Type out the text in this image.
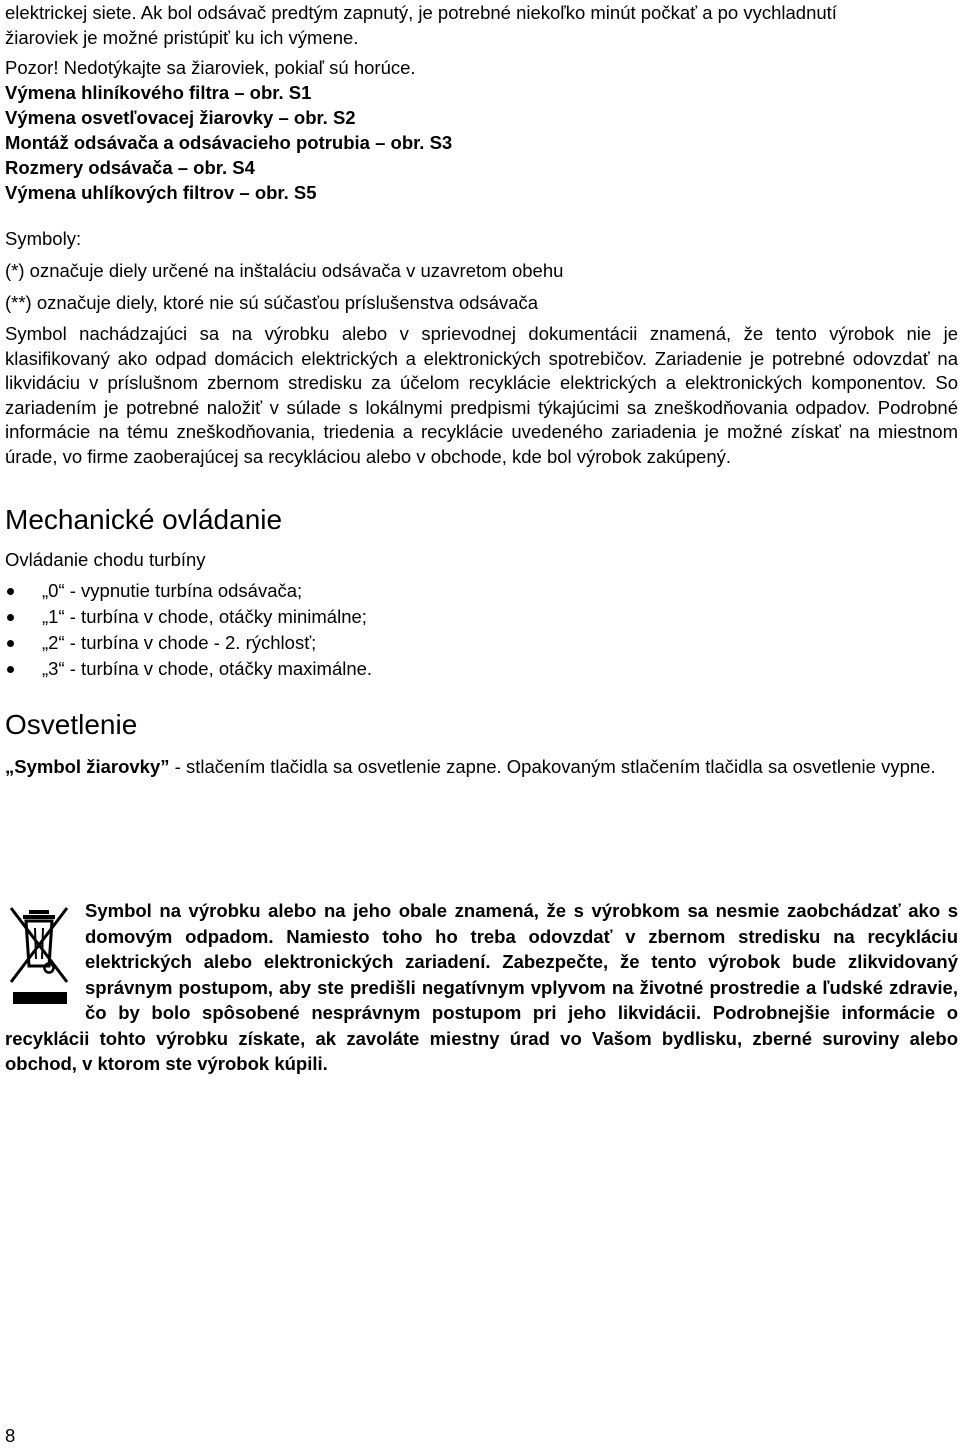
elektrickej siete. Ak bol odsávač predtým zapnutý, je potrebné niekoľko minút počkať a po vychladnutí

žiaroviek je možné pristúpiť ku ich výmene.

Pozor! Nedotýkajte sa žiaroviek, pokiaľ sú horúce.

Výmena hliníkového filtra – obr. S1

Výmena osvetľovacej žiarovky – obr. S2

Montáž odsávača a odsávacieho potrubia – obr. S3

Rozmery odsávača – obr. S4

Výmena uhlíkových filtrov – obr. S5

Symboly:

(*) označuje diely určené na inštaláciu odsávača v uzavretom obehu

(**) označuje diely, ktoré nie sú súčasťou príslušenstva odsávača

Symbol nachádzajúci sa na výrobku alebo v sprievodnej dokumentácii znamená, že tento výrobok nie je klasifikovaný ako odpad domácich elektrických a elektronických spotrebičov. Zariadenie je potrebné odovzdať na likvidáciu v príslušnom zbernom stredisku za účelom recyklácie elektrických a elektronických komponentov. So zariadením je potrebné naložiť v súlade s lokálnymi predpismi týkajúcimi sa zneškodňovania odpadov. Podrobné informácie na tému zneškodňovania, triedenia a recyklácie uvedeného zariadenia je možné získať na miestnom úrade, vo firme zaoberajúcej sa recykláciou alebo v obchode, kde bol výrobok zakúpený.

Mechanické ovládanie

Ovládanie chodu turbíny

„0“ - vypnutie turbína odsávača;
„1“ - turbína v chode, otáčky minimálne;
„2“ - turbína v chode - 2. rýchlosť;
„3“ - turbína v chode, otáčky maximálne.
Osvetlenie

„Symbol žiarovky” - stlačením tlačidla sa osvetlenie zapne. Opakovaným stlačením tlačidla sa osvetlenie vypne.

Symbol na výrobku alebo na jeho obale znamená, že s výrobkom sa nesmie zaobchádzať ako s domovým odpadom. Namiesto toho ho treba odovzdať v zbernom stredisku na recykláciu elektrických alebo elektronických zariadení. Zabezpečte, že tento výrobok bude zlikvidovaný správnym postupom, aby ste predišli negatívnym vplyvom na životné prostredie a ľudské zdravie, čo by bolo spôsobené nesprávnym postupom pri jeho likvidácii. Podrobnejšie informácie o recyklácii tohto výrobku získate, ak zavoláte miestny úrad vo Vašom bydlisku, zberné suroviny alebo obchod, v ktorom ste výrobok kúpili.

8
